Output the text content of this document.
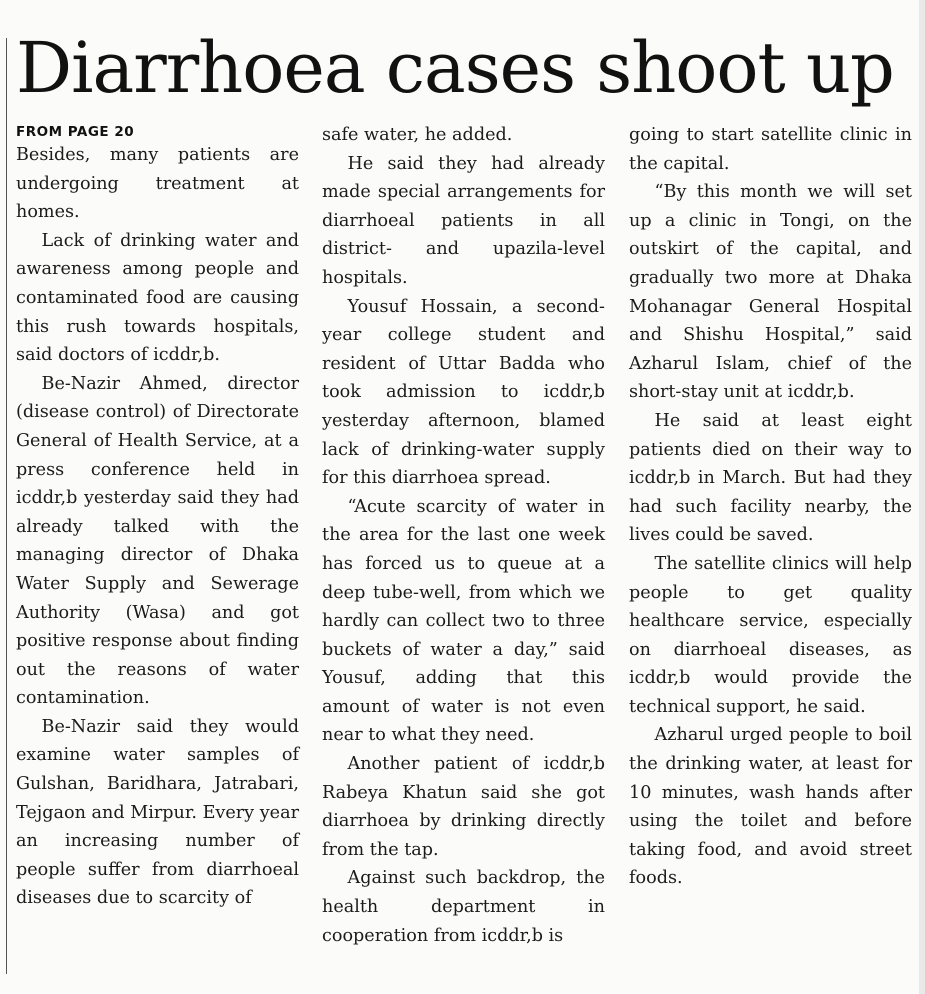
Diarrhoea cases shoot up
FROM PAGE 20

Besides, many patients are undergoing treatment at homes.

Lack of drinking water and awareness among people and contaminated food are causing this rush towards hospitals, said doctors of icddr,b.

Be-Nazir Ahmed, director (disease control) of Directorate General of Health Service, at a press conference held in icddr,b yesterday said they had already talked with the managing director of Dhaka Water Supply and Sewerage Authority (Wasa) and got positive response about finding out the reasons of water contamination.

Be-Nazir said they would examine water samples of Gulshan, Baridhara, Jatrabari, Tejgaon and Mirpur. Every year an increasing number of people suffer from diarrhoeal diseases due to scarcity of

safe water, he added.

He said they had already made special arrangements for diarrhoeal patients in all district- and upazila-level hospitals.

Yousuf Hossain, a second-year college student and resident of Uttar Badda who took admission to icddr,b yesterday afternoon, blamed lack of drinking-water supply for this diarrhoea spread.

“Acute scarcity of water in the area for the last one week has forced us to queue at a deep tube-well, from which we hardly can collect two to three buckets of water a day,” said Yousuf, adding that this amount of water is not even near to what they need.

Another patient of icddr,b Rabeya Khatun said she got diarrhoea by drinking directly from the tap.

Against such backdrop, the health department in cooperation from icddr,b is

going to start satellite clinic in the capital.

“By this month we will set up a clinic in Tongi, on the outskirt of the capital, and gradually two more at Dhaka Mohanagar General Hospital and Shishu Hospital,” said Azharul Islam, chief of the short-stay unit at icddr,b.

He said at least eight patients died on their way to icddr,b in March. But had they had such facility nearby, the lives could be saved.

The satellite clinics will help people to get quality healthcare service, especially on diarrhoeal diseases, as icddr,b would provide the technical support, he said.

Azharul urged people to boil the drinking water, at least for 10 minutes, wash hands after using the toilet and before taking food, and avoid street foods.
